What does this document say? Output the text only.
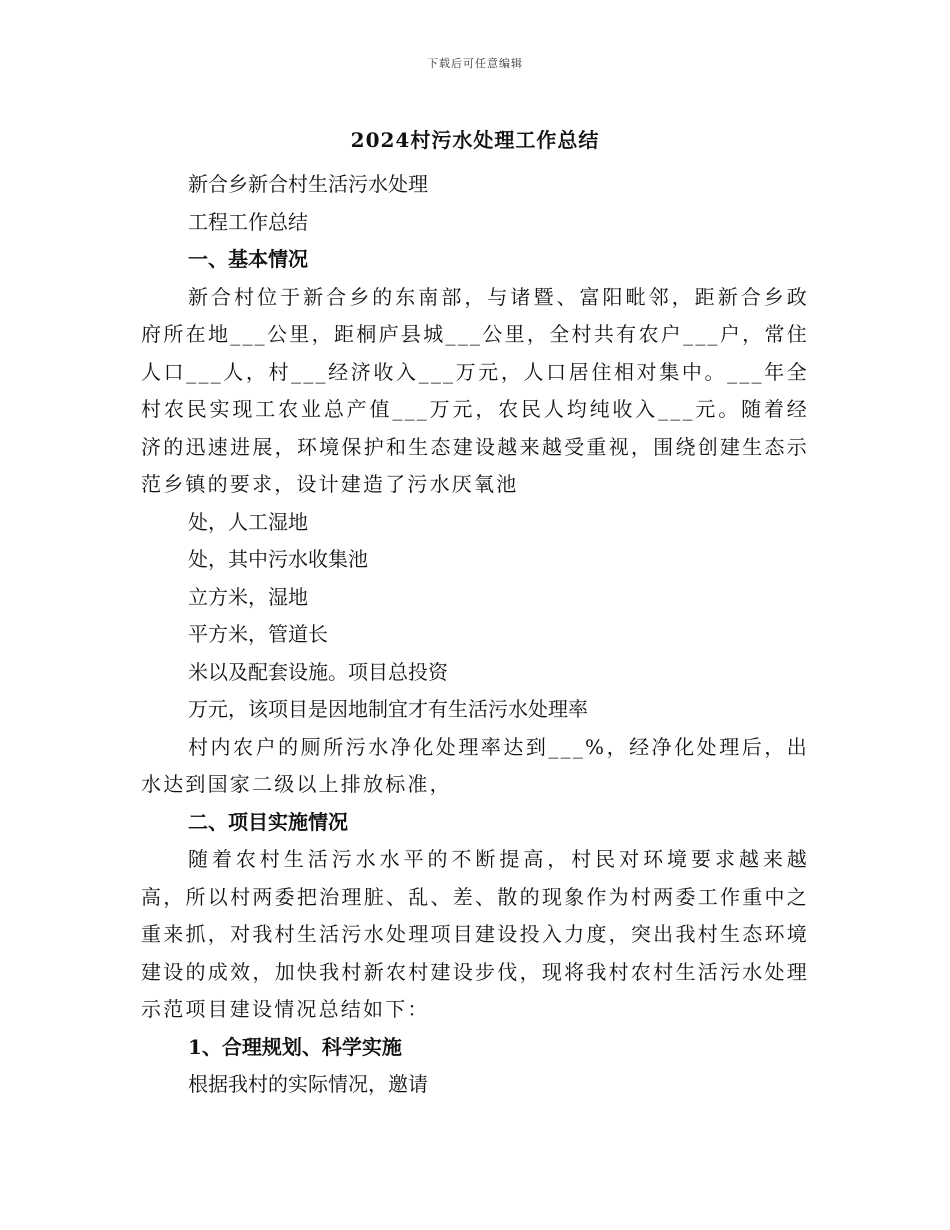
下载后可任意编辑
2024村污水处理工作总结
新合乡新合村生活污水处理
工程工作总结
一、基本情况
新合村位于新合乡的东南部，与诸暨、富阳毗邻，距新合乡政府所在地___公里，距桐庐县城___公里，全村共有农户___户，常住人口___人，村___经济收入___万元，人口居住相对集中。___年全村农民实现工农业总产值___万元，农民人均纯收入___元。随着经济的迅速进展，环境保护和生态建设越来越受重视，围绕创建生态示范乡镇的要求，设计建造了污水厌氧池
处，人工湿地
处，其中污水收集池
立方米，湿地
平方米，管道长
米以及配套设施。项目总投资
万元，该项目是因地制宜才有生活污水处理率
村内农户的厕所污水净化处理率达到___%，经净化处理后，出水达到国家二级以上排放标准，
二、项目实施情况
随着农村生活污水水平的不断提高，村民对环境要求越来越高，所以村两委把治理脏、乱、差、散的现象作为村两委工作重中之重来抓，对我村生活污水处理项目建设投入力度，突出我村生态环境建设的成效，加快我村新农村建设步伐，现将我村农村生活污水处理示范项目建设情况总结如下：
1、合理规划、科学实施
根据我村的实际情况，邀请
